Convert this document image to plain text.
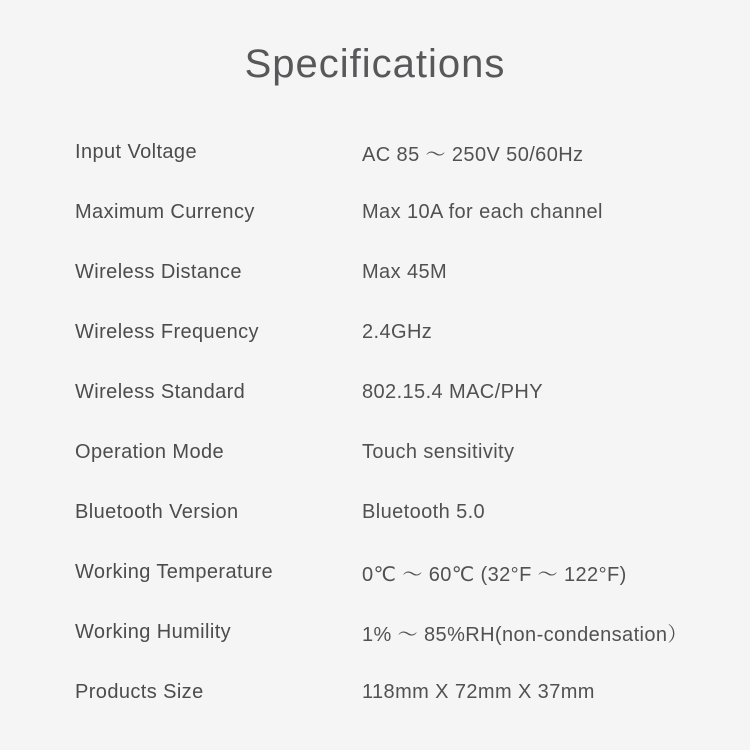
Specifications
Input Voltage	AC 85 ～ 250V 50/60Hz
Maximum Currency	Max 10A for each channel
Wireless Distance	Max 45M
Wireless Frequency	2.4GHz
Wireless Standard	802.15.4 MAC/PHY
Operation Mode	Touch sensitivity
Bluetooth Version	Bluetooth 5.0
Working Temperature	0℃ ～ 60℃ (32°F ～ 122°F)
Working Humility	1% ～ 85%RH(non-condensation）
Products Size	118mm X 72mm X 37mm
